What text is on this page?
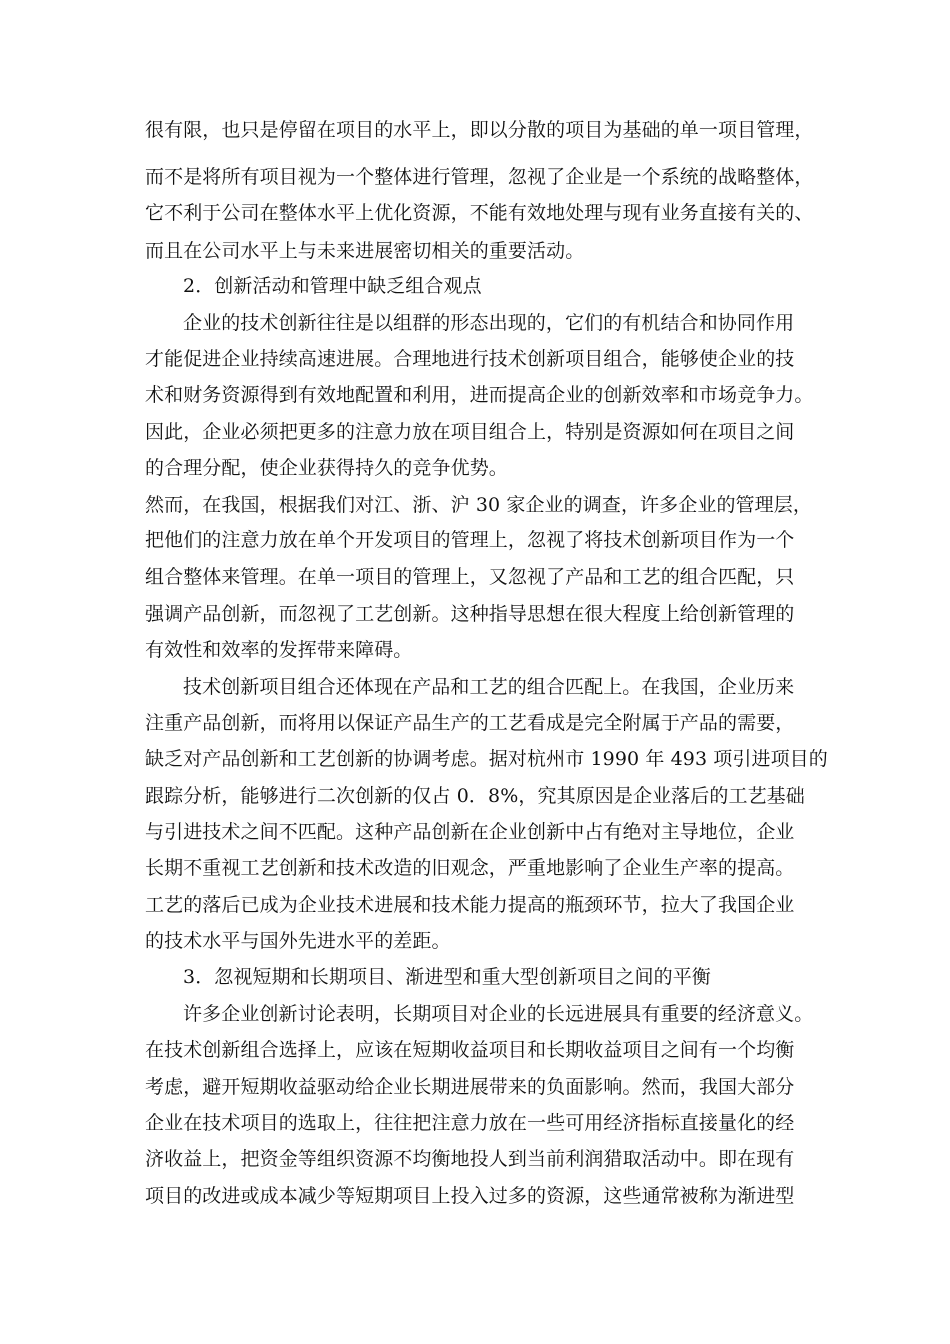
很有限，也只是停留在项目的水平上，即以分散的项目为基础的单一项目管理，
而不是将所有项目视为一个整体进行管理，忽视了企业是一个系统的战略整体，
它不利于公司在整体水平上优化资源，不能有效地处理与现有业务直接有关的、
而且在公司水平上与未来进展密切相关的重要活动。
2．创新活动和管理中缺乏组合观点
企业的技术创新往往是以组群的形态出现的，它们的有机结合和协同作用
才能促进企业持续高速进展。合理地进行技术创新项目组合，能够使企业的技
术和财务资源得到有效地配置和利用，进而提高企业的创新效率和市场竞争力。
因此，企业必须把更多的注意力放在项目组合上，特别是资源如何在项目之间
的合理分配，使企业获得持久的竞争优势。
然而，在我国，根据我们对江、浙、沪 30 家企业的调查，许多企业的管理层，
把他们的注意力放在单个开发项目的管理上，忽视了将技术创新项目作为一个
组合整体来管理。在单一项目的管理上，又忽视了产品和工艺的组合匹配，只
强调产品创新，而忽视了工艺创新。这种指导思想在很大程度上给创新管理的
有效性和效率的发挥带来障碍。
技术创新项目组合还体现在产品和工艺的组合匹配上。在我国，企业历来
注重产品创新，而将用以保证产品生产的工艺看成是完全附属于产品的需要，
缺乏对产品创新和工艺创新的协调考虑。据对杭州市 1990 年 493 项引进项目的
跟踪分析，能够进行二次创新的仅占 0．8%，究其原因是企业落后的工艺基础
与引进技术之间不匹配。这种产品创新在企业创新中占有绝对主导地位，企业
长期不重视工艺创新和技术改造的旧观念，严重地影响了企业生产率的提高。
工艺的落后已成为企业技术进展和技术能力提高的瓶颈环节，拉大了我国企业
的技术水平与国外先进水平的差距。
3．忽视短期和长期项目、渐进型和重大型创新项目之间的平衡
许多企业创新讨论表明，长期项目对企业的长远进展具有重要的经济意义。
在技术创新组合选择上，应该在短期收益项目和长期收益项目之间有一个均衡
考虑，避开短期收益驱动给企业长期进展带来的负面影响。然而，我国大部分
企业在技术项目的选取上，往往把注意力放在一些可用经济指标直接量化的经
济收益上，把资金等组织资源不均衡地投人到当前利润猎取活动中。即在现有
项目的改进或成本减少等短期项目上投入过多的资源，这些通常被称为渐进型
